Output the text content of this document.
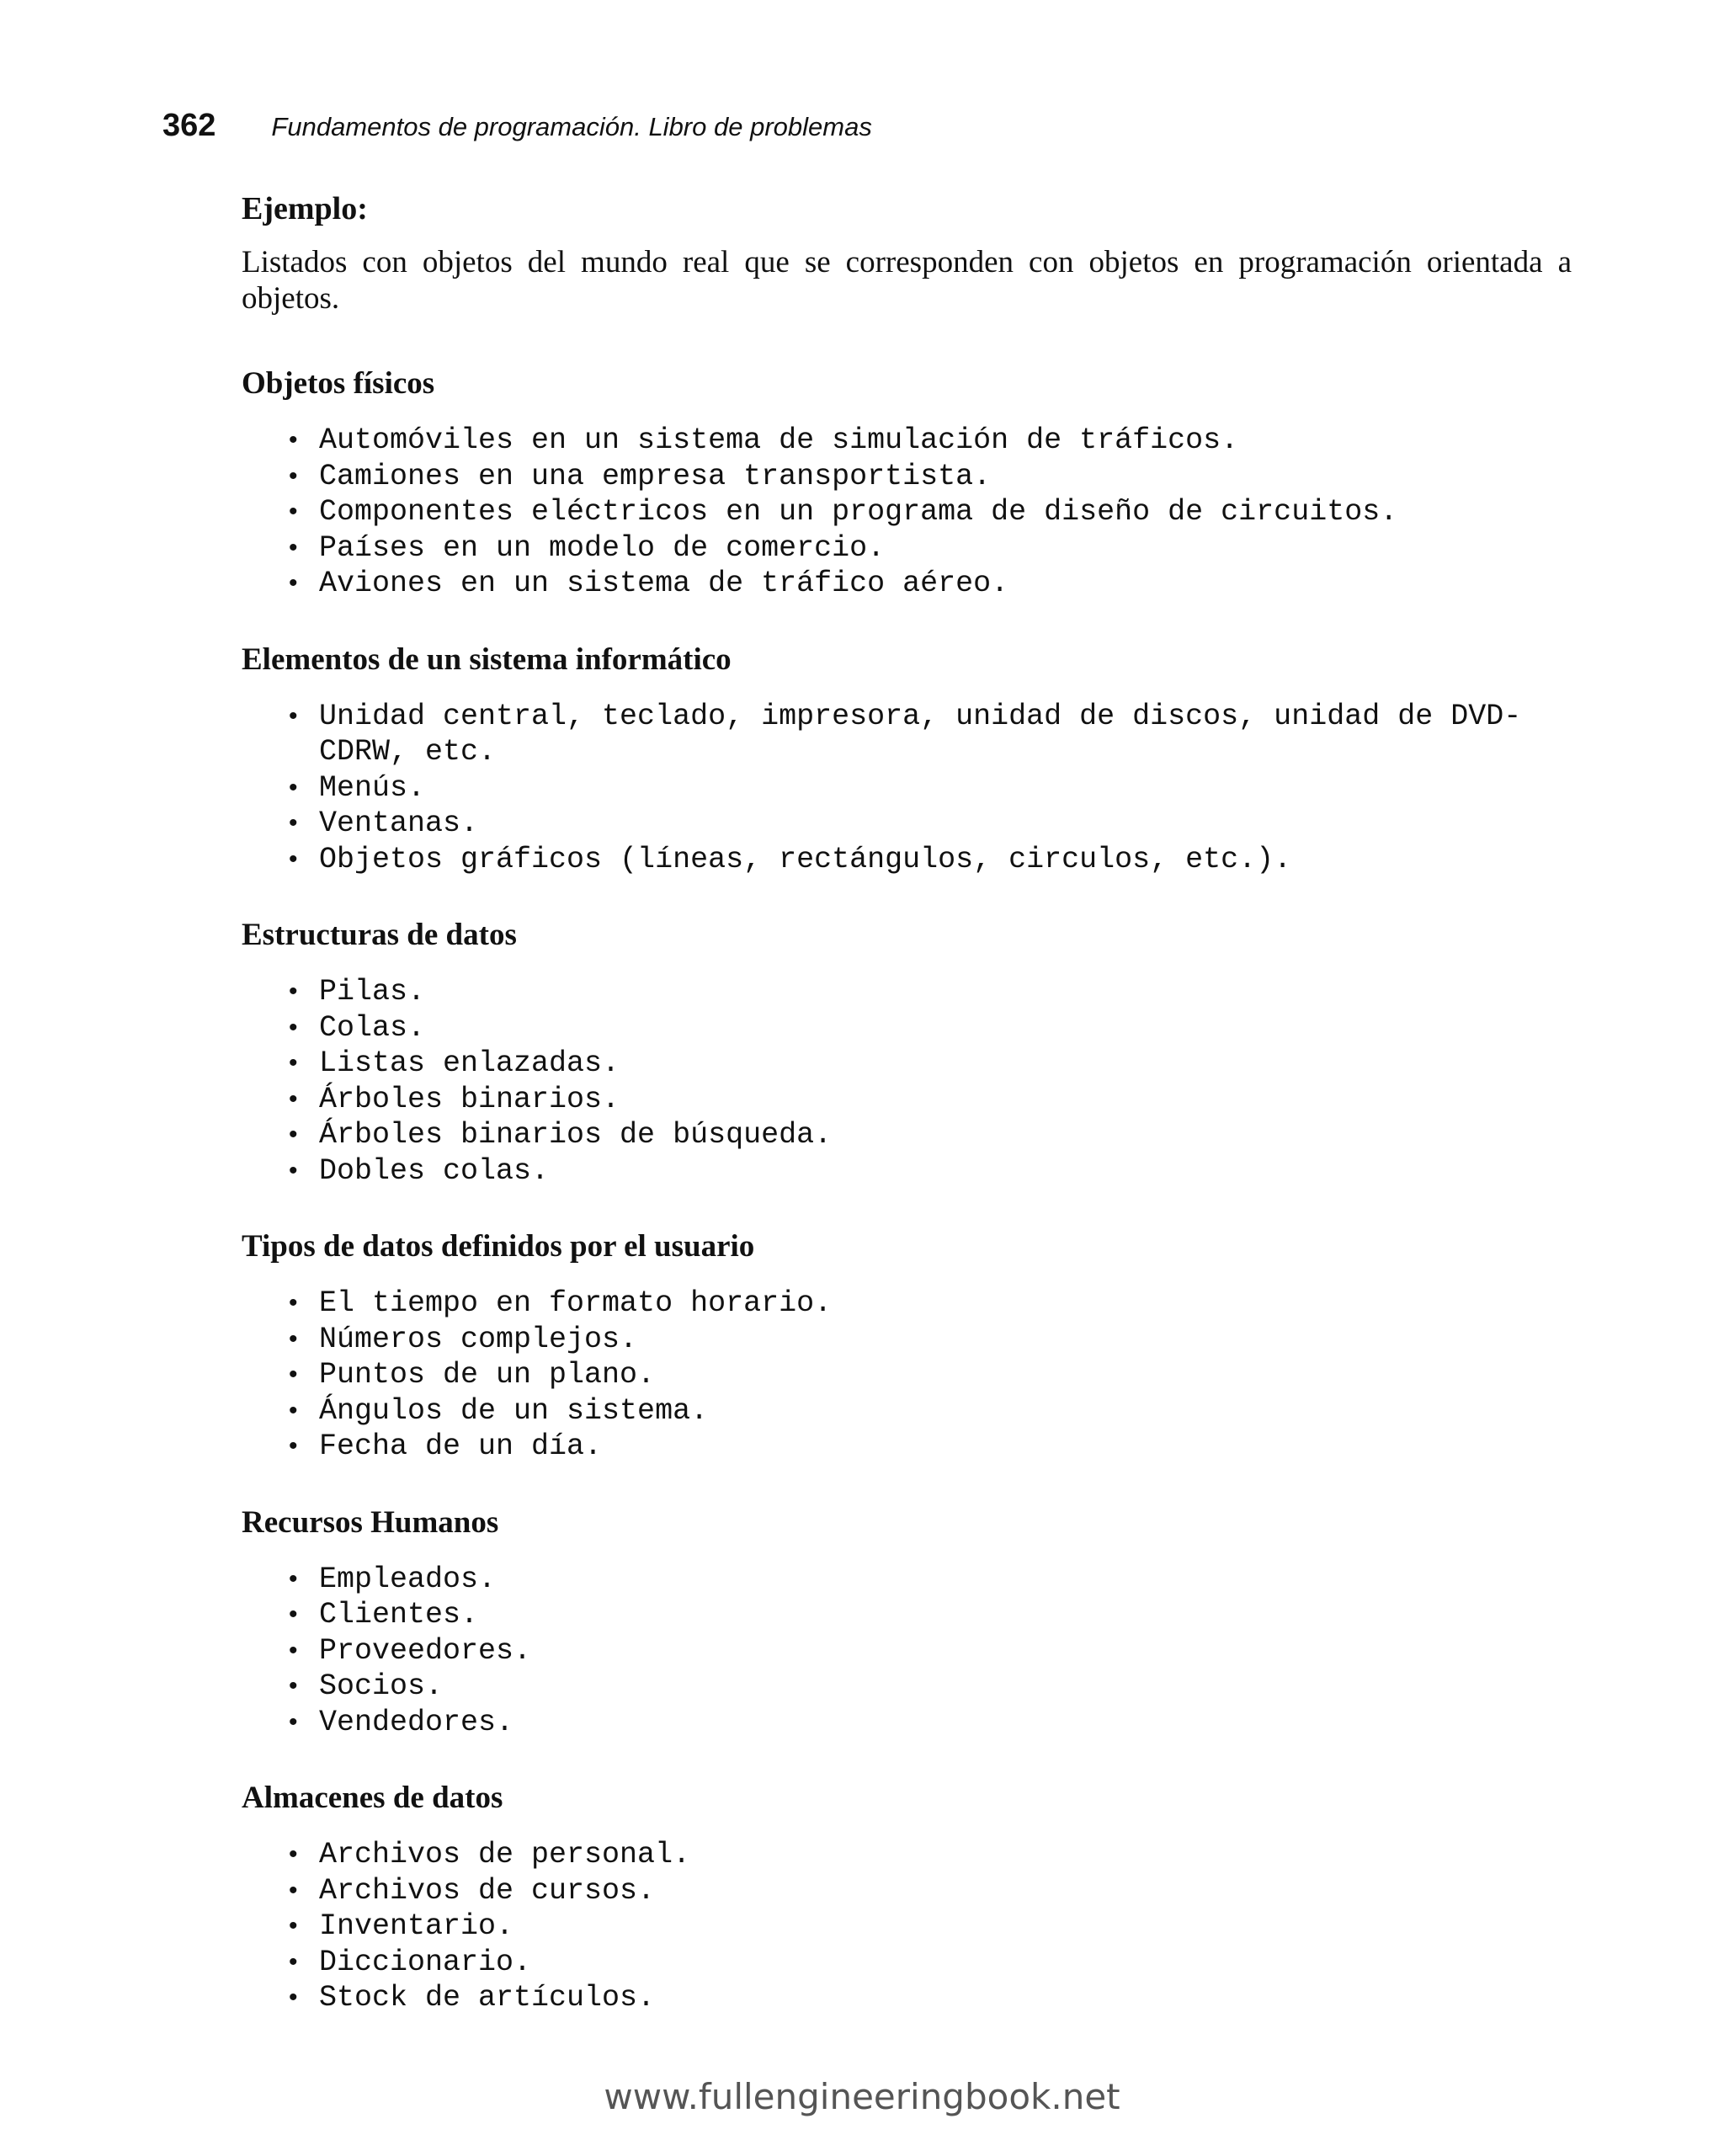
362 Fundamentos de programación. Libro de problemas
Ejemplo:

Listados con objetos del mundo real que se corresponden con objetos en programación orientada a objetos.

Objetos físicos
• Automóviles en un sistema de simulación de tráficos.
• Camiones en una empresa transportista.
• Componentes eléctricos en un programa de diseño de circuitos.
• Países en un modelo de comercio.
• Aviones en un sistema de tráfico aéreo.
Elementos de un sistema informático
• Unidad central, teclado, impresora, unidad de discos, unidad de DVD-CDRW, etc.
• Menús.
• Ventanas.
• Objetos gráficos (líneas, rectángulos, circulos, etc.).
Estructuras de datos
• Pilas.
• Colas.
• Listas enlazadas.
• Árboles binarios.
• Árboles binarios de búsqueda.
• Dobles colas.
Tipos de datos definidos por el usuario
• El tiempo en formato horario.
• Números complejos.
• Puntos de un plano.
• Ángulos de un sistema.
• Fecha de un día.
Recursos Humanos
• Empleados.
• Clientes.
• Proveedores.
• Socios.
• Vendedores.
Almacenes de datos
• Archivos de personal.
• Archivos de cursos.
• Inventario.
• Diccionario.
• Stock de artículos.
www.fullengineeringbook.net
